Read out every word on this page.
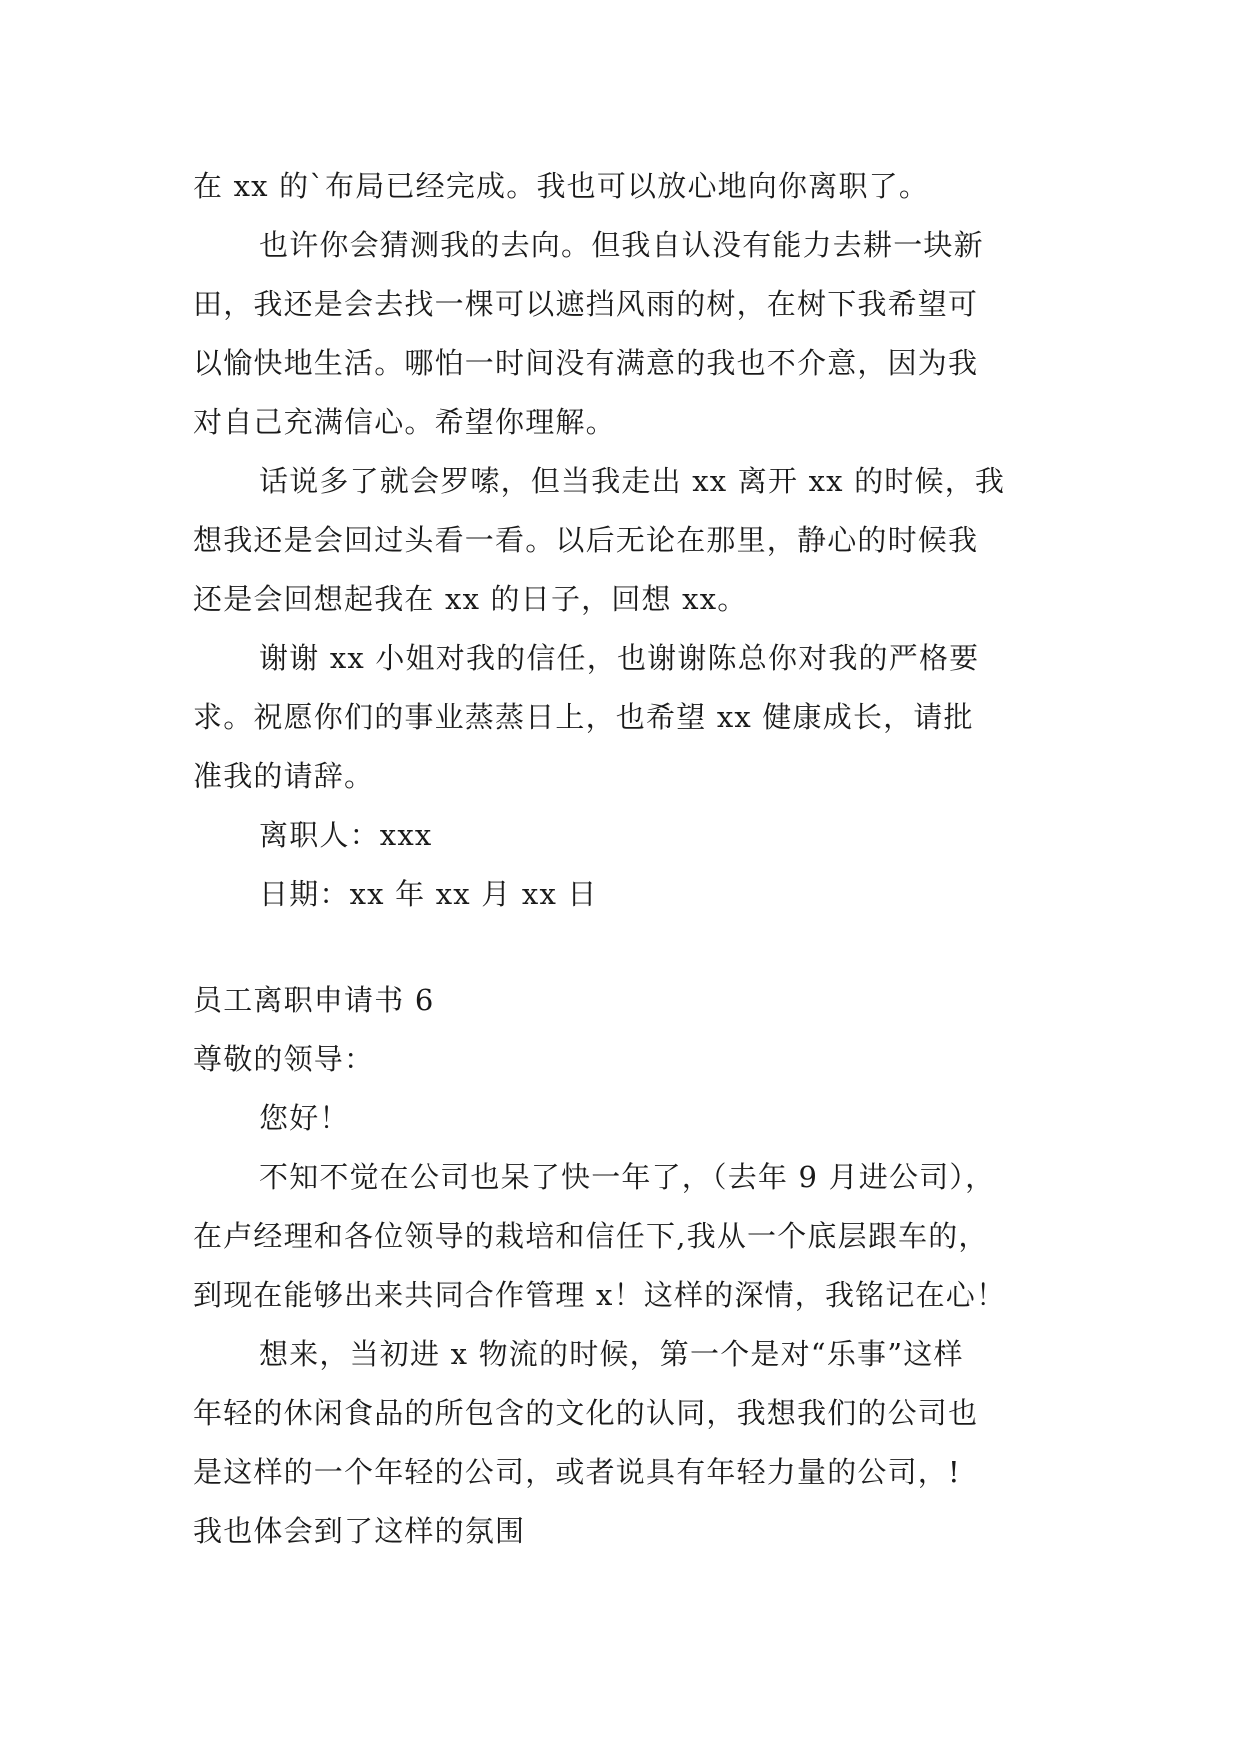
在 xx 的`布局已经完成。我也可以放心地向你离职了。
也许你会猜测我的去向。但我自认没有能力去耕一块新
田，我还是会去找一棵可以遮挡风雨的树，在树下我希望可
以愉快地生活。哪怕一时间没有满意的我也不介意，因为我
对自己充满信心。希望你理解。
话说多了就会罗嗦，但当我走出 xx 离开 xx 的时候，我
想我还是会回过头看一看。以后无论在那里，静心的时候我
还是会回想起我在 xx 的日子，回想 xx。
谢谢 xx 小姐对我的信任，也谢谢陈总你对我的严格要
求。祝愿你们的事业蒸蒸日上，也希望 xx 健康成长，请批
准我的请辞。
离职人：xxx
日期：xx 年 xx 月 xx 日
员工离职申请书 6
尊敬的领导：
您好！
不知不觉在公司也呆了快一年了，（去年 9 月进公司），
在卢经理和各位领导的栽培和信任下,我从一个底层跟车的，
到现在能够出来共同合作管理 x！这样的深情，我铭记在心！
想来，当初进 x 物流的时候，第一个是对“乐事”这样
年轻的休闲食品的所包含的文化的认同，我想我们的公司也
是这样的一个年轻的公司，或者说具有年轻力量的公司，!
我也体会到了这样的氛围
